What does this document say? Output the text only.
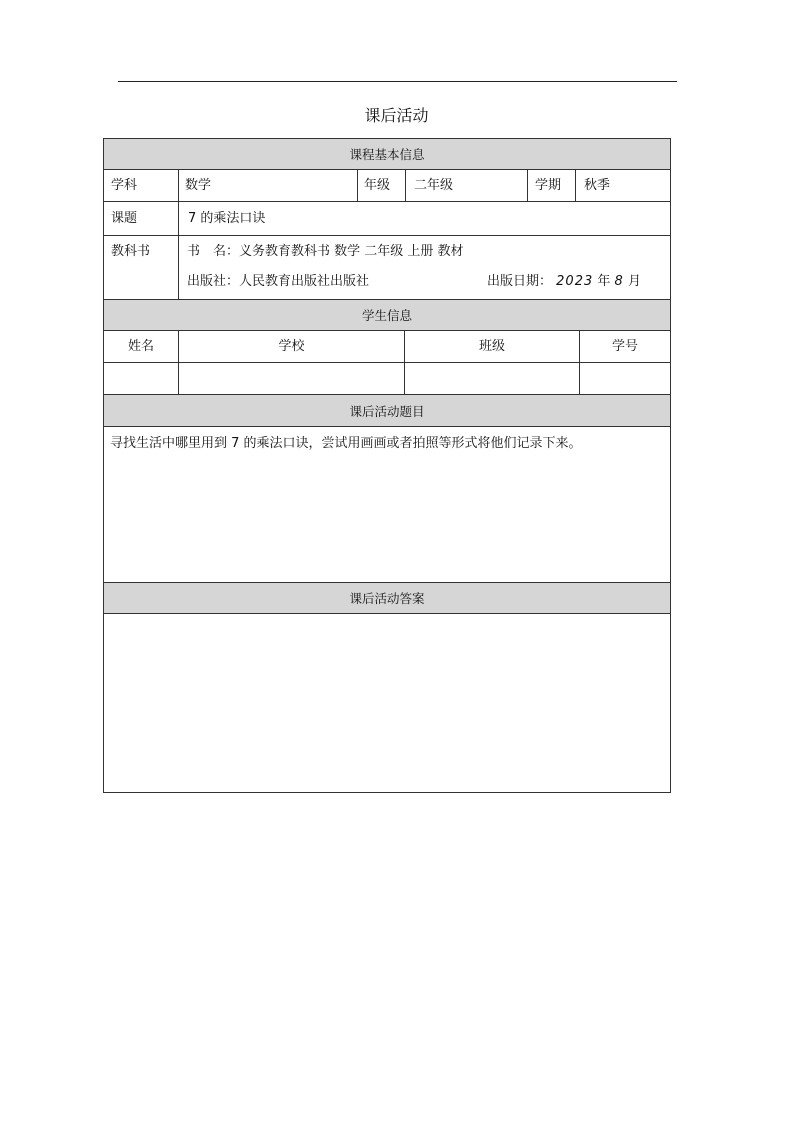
课后活动
课程基本信息
学生信息
课后活动题目
课后活动答案
学科	数学	年级 二年级	学期 秋季
课题	7 的乘法口诀
教科书	书　名：义务教育教科书 数学 二年级 上册 教材
出版社：人民教育出版社出版社	出版日期： 2023 年 8 月
姓名	学校	班级	学号
寻找生活中哪里用到 7 的乘法口诀，尝试用画画或者拍照等形式将他们记录下来。
